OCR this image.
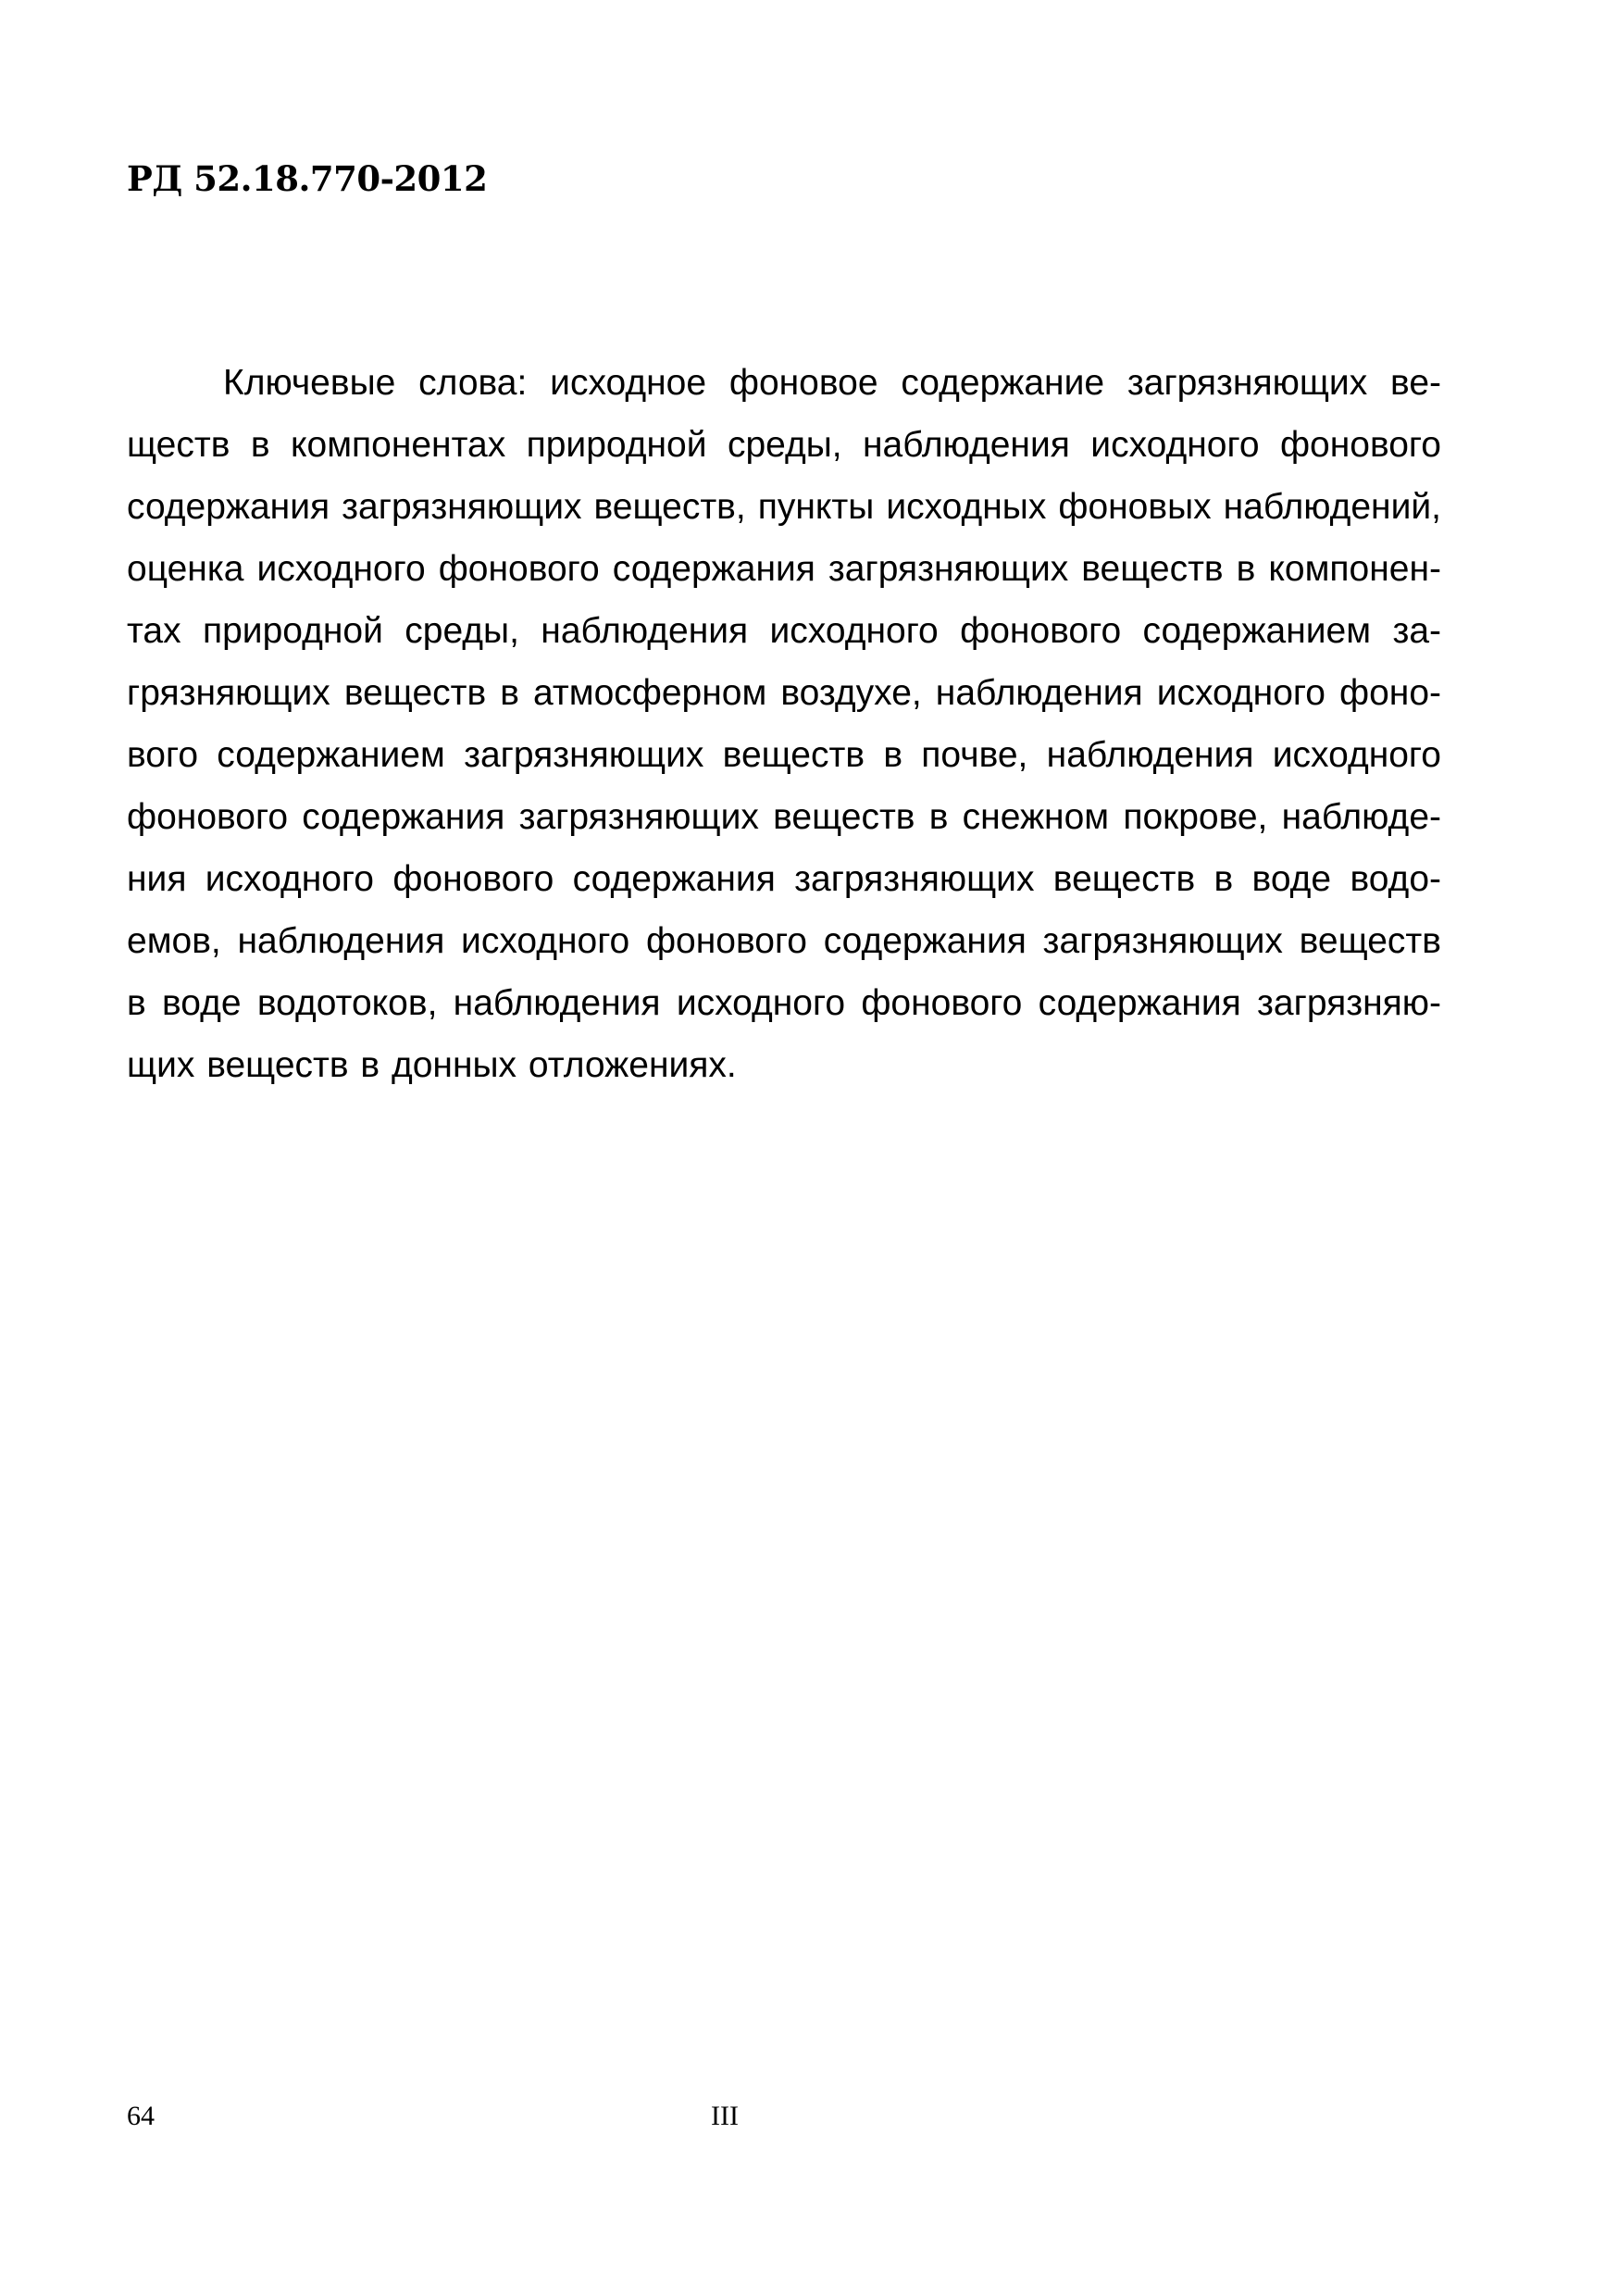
РД 52.18.770-2012

Ключевые слова: исходное фоновое содержание загрязняющих ве-
ществ в компонентах природной среды, наблюдения исходного фонового
содержания загрязняющих веществ, пункты исходных фоновых наблюдений,
оценка исходного фонового содержания загрязняющих веществ в компонен-
тах природной среды, наблюдения исходного фонового содержанием за-
грязняющих веществ в атмосферном воздухе, наблюдения исходного фоно-
вого содержанием загрязняющих веществ в почве, наблюдения исходного
фонового содержания загрязняющих веществ в снежном покрове, наблюде-
ния исходного фонового содержания загрязняющих веществ в воде водо-
емов, наблюдения исходного фонового содержания загрязняющих веществ
в воде водотоков, наблюдения исходного фонового содержания загрязняю-
щих веществ в донных отложениях.

64	III
